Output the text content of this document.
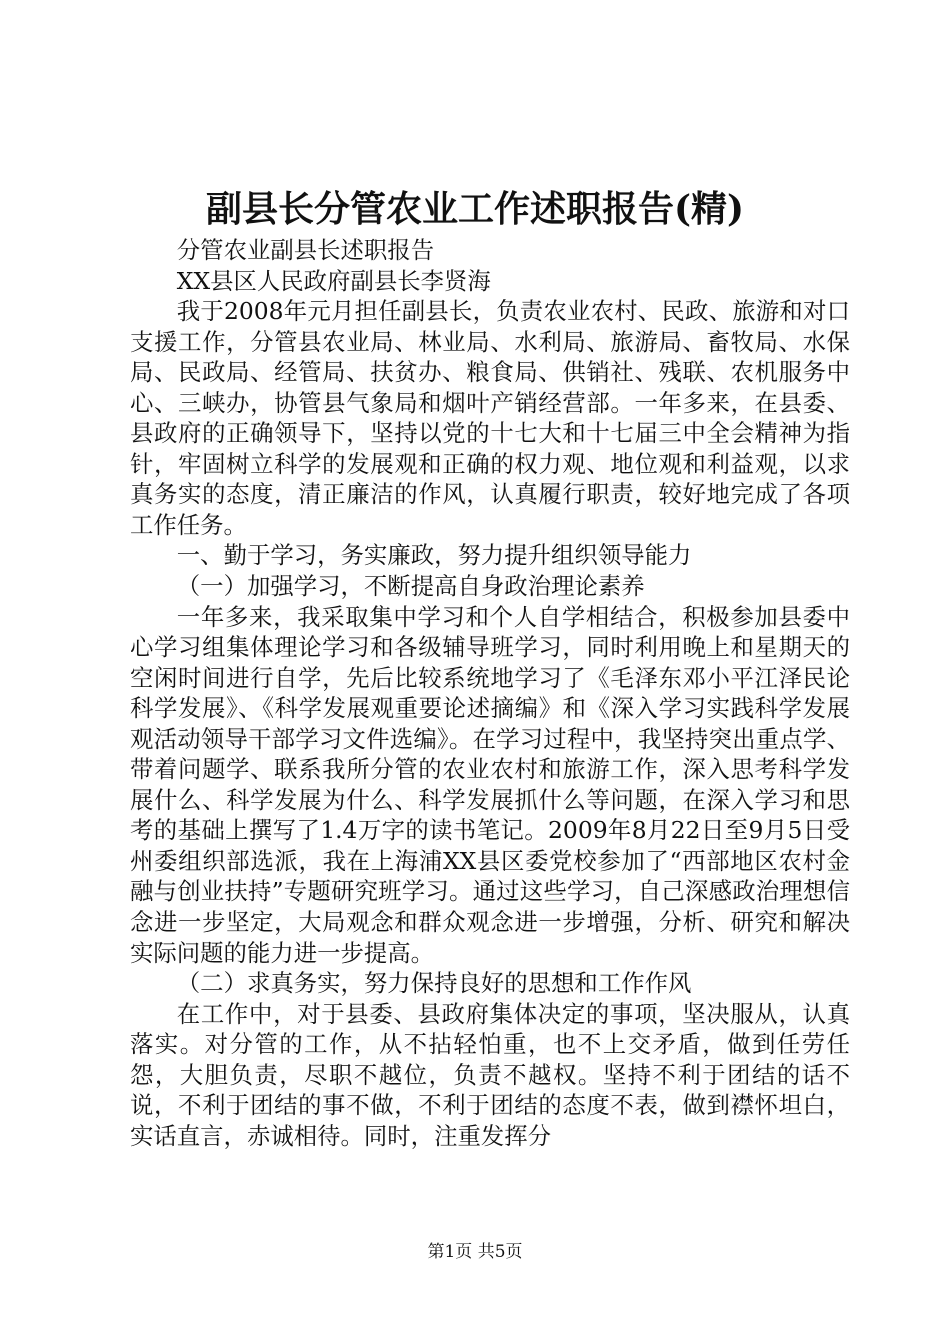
副县长分管农业工作述职报告(精)

分管农业副县长述职报告

XX县区人民政府副县长李贤海

我于2008年元月担任副县长，负责农业农村、民政、旅游和对口支援工作，分管县农业局、林业局、水利局、旅游局、畜牧局、水保局、民政局、经管局、扶贫办、粮食局、供销社、残联、农机服务中心、三峡办，协管县气象局和烟叶产销经营部。一年多来，在县委、县政府的正确领导下，坚持以党的十七大和十七届三中全会精神为指针，牢固树立科学的发展观和正确的权力观、地位观和利益观，以求真务实的态度，清正廉洁的作风，认真履行职责，较好地完成了各项工作任务。

一、勤于学习，务实廉政，努力提升组织领导能力

（一）加强学习，不断提高自身政治理论素养

一年多来，我采取集中学习和个人自学相结合，积极参加县委中心学习组集体理论学习和各级辅导班学习，同时利用晚上和星期天的空闲时间进行自学，先后比较系统地学习了《毛泽东邓小平江泽民论科学发展》、《科学发展观重要论述摘编》和《深入学习实践科学发展观活动领导干部学习文件选编》。在学习过程中，我坚持突出重点学、带着问题学、联系我所分管的农业农村和旅游工作，深入思考科学发展什么、科学发展为什么、科学发展抓什么等问题，在深入学习和思考的基础上撰写了1.4万字的读书笔记。2009年8月22日至9月5日受州委组织部选派，我在上海浦XX县区委党校参加了“西部地区农村金融与创业扶持”专题研究班学习。通过这些学习，自己深感政治理想信念进一步坚定，大局观念和群众观念进一步增强，分析、研究和解决实际问题的能力进一步提高。

（二）求真务实，努力保持良好的思想和工作作风

在工作中，对于县委、县政府集体决定的事项，坚决服从，认真落实。对分管的工作，从不拈轻怕重，也不上交矛盾，做到任劳任怨，大胆负责，尽职不越位，负责不越权。坚持不利于团结的话不说，不利于团结的事不做，不利于团结的态度不表，做到襟怀坦白，实话直言，赤诚相待。同时，注重发挥分

第1页 共5页
